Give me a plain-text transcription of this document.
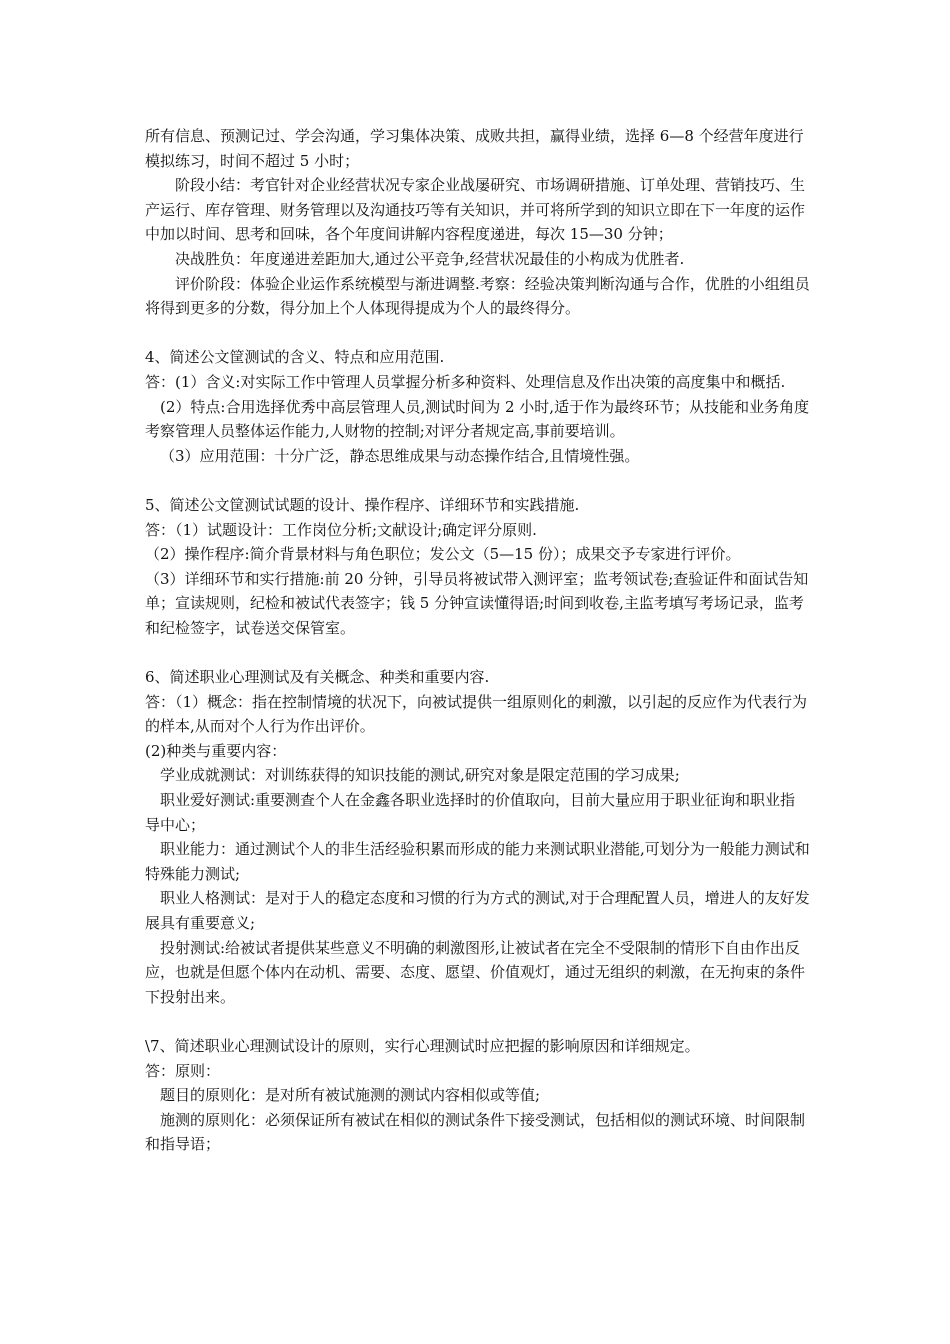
所有信息、预测记过、学会沟通，学习集体决策、成败共担，赢得业绩，选择 6—8 个经营年度进行模拟练习，时间不超过 5 小时；
阶段小结：考官针对企业经营状况专家企业战屡研究、市场调研措施、订单处理、营销技巧、生产运行、库存管理、财务管理以及沟通技巧等有关知识，并可将所学到的知识立即在下一年度的运作中加以时间、思考和回味，各个年度间讲解内容程度递进，每次 15—30 分钟；
决战胜负：年度递进差距加大,通过公平竞争,经营状况最佳的小构成为优胜者.
评价阶段：体验企业运作系统模型与渐进调整.考察：经验决策判断沟通与合作，优胜的小组组员将得到更多的分数，得分加上个人体现得提成为个人的最终得分。
4、简述公文筐测试的含义、特点和应用范围.
答：(1）含义:对实际工作中管理人员掌握分析多种资料、处理信息及作出决策的高度集中和概括.
(2）特点:合用选择优秀中高层管理人员,测试时间为 2 小时,适于作为最终环节；从技能和业务角度考察管理人员整体运作能力,人财物的控制;对评分者规定高,事前要培训。
（3）应用范围：十分广泛，静态思维成果与动态操作结合,且情境性强。
5、简述公文筐测试试题的设计、操作程序、详细环节和实践措施.
答：（1）试题设计：工作岗位分析;文献设计;确定评分原则.
（2）操作程序:简介背景材料与角色职位；发公文（5—15 份）；成果交予专家进行评价。
（3）详细环节和实行措施:前 20 分钟，引导员将被试带入测评室；监考领试卷;查验证件和面试告知单；宣读规则，纪检和被试代表签字；钱 5 分钟宣读懂得语;时间到收卷,主监考填写考场记录，监考和纪检签字，试卷送交保管室。
6、简述职业心理测试及有关概念、种类和重要内容.
答：（1）概念：指在控制情境的状况下，向被试提供一组原则化的刺激，以引起的反应作为代表行为的样本,从而对个人行为作出评价。
(2)种类与重要内容：
学业成就测试：对训练获得的知识技能的测试,研究对象是限定范围的学习成果;
职业爱好测试:重要测查个人在金鑫各职业选择时的价值取向，目前大量应用于职业征询和职业指导中心；
职业能力：通过测试个人的非生活经验积累而形成的能力来测试职业潜能,可划分为一般能力测试和特殊能力测试;
职业人格测试：是对于人的稳定态度和习惯的行为方式的测试,对于合理配置人员，增进人的友好发展具有重要意义;
投射测试:给被试者提供某些意义不明确的刺激图形,让被试者在完全不受限制的情形下自由作出反应，也就是但愿个体内在动机、需要、态度、愿望、价值观灯，通过无组织的刺激，在无拘束的条件下投射出来。
\7、简述职业心理测试设计的原则，实行心理测试时应把握的影响原因和详细规定。
答：原则：
题目的原则化：是对所有被试施测的测试内容相似或等值;
施测的原则化：必须保证所有被试在相似的测试条件下接受测试，包括相似的测试环境、时间限制和指导语；
